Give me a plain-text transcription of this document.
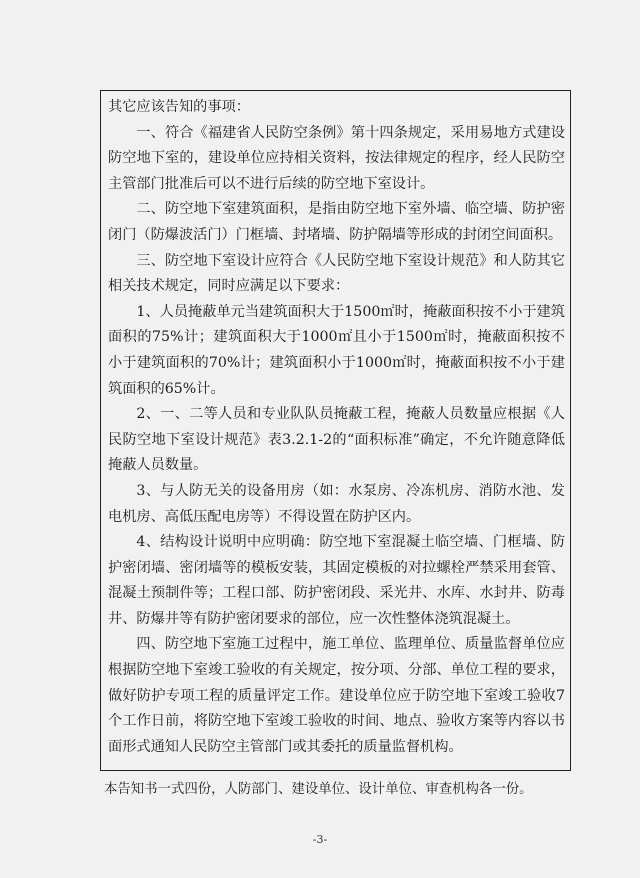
其它应该告知的事项：

一、符合《福建省人民防空条例》第十四条规定，采用易地方式建设防空地下室的，建设单位应持相关资料，按法律规定的程序，经人民防空主管部门批准后可以不进行后续的防空地下室设计。

二、防空地下室建筑面积，是指由防空地下室外墙、临空墙、防护密闭门（防爆波活门）门框墙、封堵墙、防护隔墙等形成的封闭空间面积。

三、防空地下室设计应符合《人民防空地下室设计规范》和人防其它相关技术规定，同时应满足以下要求：

1、人员掩蔽单元当建筑面积大于1500㎡时，掩蔽面积按不小于建筑面积的75%计；建筑面积大于1000㎡且小于1500㎡时，掩蔽面积按不小于建筑面积的70%计；建筑面积小于1000㎡时，掩蔽面积按不小于建筑面积的65%计。

2、一、二等人员和专业队队员掩蔽工程，掩蔽人员数量应根据《人民防空地下室设计规范》表3.2.1-2的“面积标准”确定，不允许随意降低掩蔽人员数量。

3、与人防无关的设备用房（如：水泵房、冷冻机房、消防水池、发电机房、高低压配电房等）不得设置在防护区内。

4、结构设计说明中应明确：防空地下室混凝土临空墙、门框墙、防护密闭墙、密闭墙等的模板安装，其固定模板的对拉螺栓严禁采用套管、混凝土预制件等；工程口部、防护密闭段、采光井、水库、水封井、防毒井、防爆井等有防护密闭要求的部位，应一次性整体浇筑混凝土。

四、防空地下室施工过程中，施工单位、监理单位、质量监督单位应根据防空地下室竣工验收的有关规定，按分项、分部、单位工程的要求，做好防护专项工程的质量评定工作。建设单位应于防空地下室竣工验收7个工作日前，将防空地下室竣工验收的时间、地点、验收方案等内容以书面形式通知人民防空主管部门或其委托的质量监督机构。

本告知书一式四份，人防部门、建设单位、设计单位、审查机构各一份。
-3-
